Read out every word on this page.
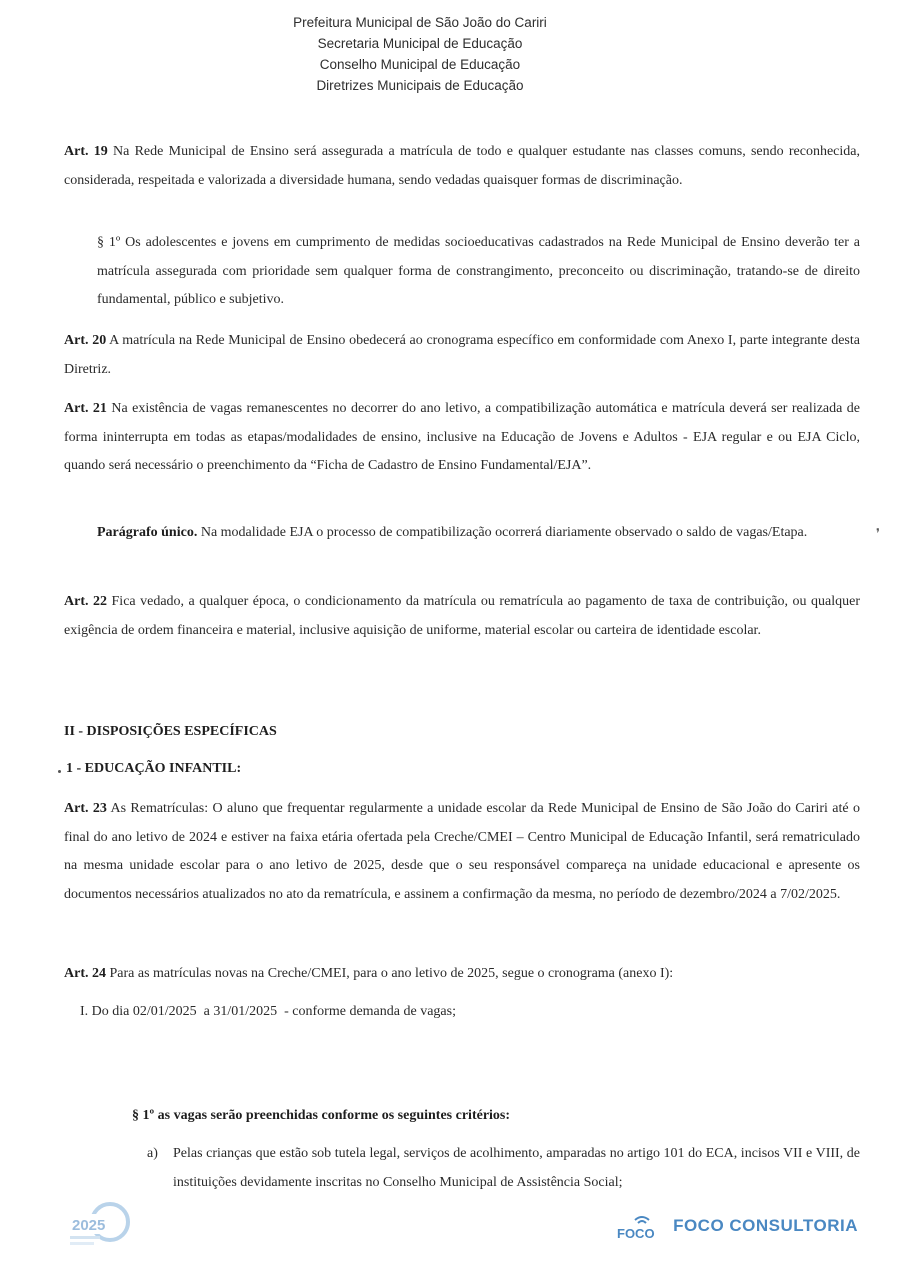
Prefeitura Municipal de São João do Cariri
Secretaria Municipal de Educação
Conselho Municipal de Educação
Diretrizes Municipais de Educação

Art. 19 Na Rede Municipal de Ensino será assegurada a matrícula de todo e qualquer estudante nas classes comuns, sendo reconhecida, considerada, respeitada e valorizada a diversidade humana, sendo vedadas quaisquer formas de discriminação.

§ 1º Os adolescentes e jovens em cumprimento de medidas socioeducativas cadastrados na Rede Municipal de Ensino deverão ter a matrícula assegurada com prioridade sem qualquer forma de constrangimento, preconceito ou discriminação, tratando-se de direito fundamental, público e subjetivo.

Art. 20 A matrícula na Rede Municipal de Ensino obedecerá ao cronograma específico em conformidade com Anexo I, parte integrante desta Diretriz.

Art. 21 Na existência de vagas remanescentes no decorrer do ano letivo, a compatibilização automática e matrícula deverá ser realizada de forma ininterrupta em todas as etapas/modalidades de ensino, inclusive na Educação de Jovens e Adultos - EJA regular e ou EJA Ciclo, quando será necessário o preenchimento da “Ficha de Cadastro de Ensino Fundamental/EJA”.

Parágrafo único. Na modalidade EJA o processo de compatibilização ocorrerá diariamente observado o saldo de vagas/Etapa.

Art. 22 Fica vedado, a qualquer época, o condicionamento da matrícula ou rematrícula ao pagamento de taxa de contribuição, ou qualquer exigência de ordem financeira e material, inclusive aquisição de uniforme, material escolar ou carteira de identidade escolar.

II - DISPOSIÇÕES ESPECÍFICAS
1 - EDUCAÇÃO INFANTIL:

Art. 23 As Rematrículas: O aluno que frequentar regularmente a unidade escolar da Rede Municipal de Ensino de São João do Cariri até o final do ano letivo de 2024 e estiver na faixa etária ofertada pela Creche/CMEI – Centro Municipal de Educação Infantil, será rematriculado na mesma unidade escolar para o ano letivo de 2025, desde que o seu responsável compareça na unidade educacional e apresente os documentos necessários atualizados no ato da rematrícula, e assinem a confirmação da mesma, no período de dezembro/2024 a 7/02/2025.

Art. 24 Para as matrículas novas na Creche/CMEI, para o ano letivo de 2025, segue o cronograma (anexo I):

I. Do dia 02/01/2025  a 31/01/2025  - conforme demanda de vagas;

§ 1º as vagas serão preenchidas conforme os seguintes critérios:

a) Pelas crianças que estão sob tutela legal, serviços de acolhimento, amparadas no artigo 101 do ECA, incisos VII e VIII, de instituições devidamente inscritas no Conselho Municipal de Assistência Social;
❜
2025	FOCO FOCO CONSULTORIA
